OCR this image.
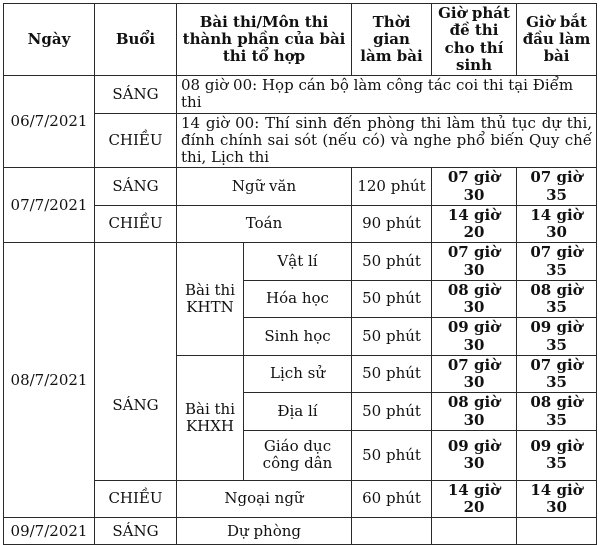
Ngày	Buổi	Bài thi/Môn thi thành phần của bài thi tổ hợp		Thời gian làm bài	Giờ phát đề thi cho thí sinh	Giờ bắt đầu làm bài
06/7/2021	SÁNG	08 giờ 00: Họp cán bộ làm công tác coi thi tại Điểm thi				
	CHIỀU	14 giờ 00: Thí sinh đến phòng thi làm thủ tục dự thi, đính chính sai sót (nếu có) và nghe phổ biến Quy chế thi, Lịch thi				
07/7/2021	SÁNG	Ngữ văn		120 phút	07 giờ 30	07 giờ 35
	CHIỀU	Toán		90 phút	14 giờ 20	14 giờ 30
08/7/2021	SÁNG	Bài thi KHTN	Vật lí	50 phút	07 giờ 30	07 giờ 35
			Hóa học	50 phút	08 giờ 30	08 giờ 35
			Sinh học	50 phút	09 giờ 30	09 giờ 35
		Bài thi KHXH	Lịch sử	50 phút	07 giờ 30	07 giờ 35
			Địa lí	50 phút	08 giờ 30	08 giờ 35
			Giáo dục công dân	50 phút	09 giờ 30	09 giờ 35
	CHIỀU	Ngoại ngữ		60 phút	14 giờ 20	14 giờ 30
09/7/2021	SÁNG	Dự phòng				
